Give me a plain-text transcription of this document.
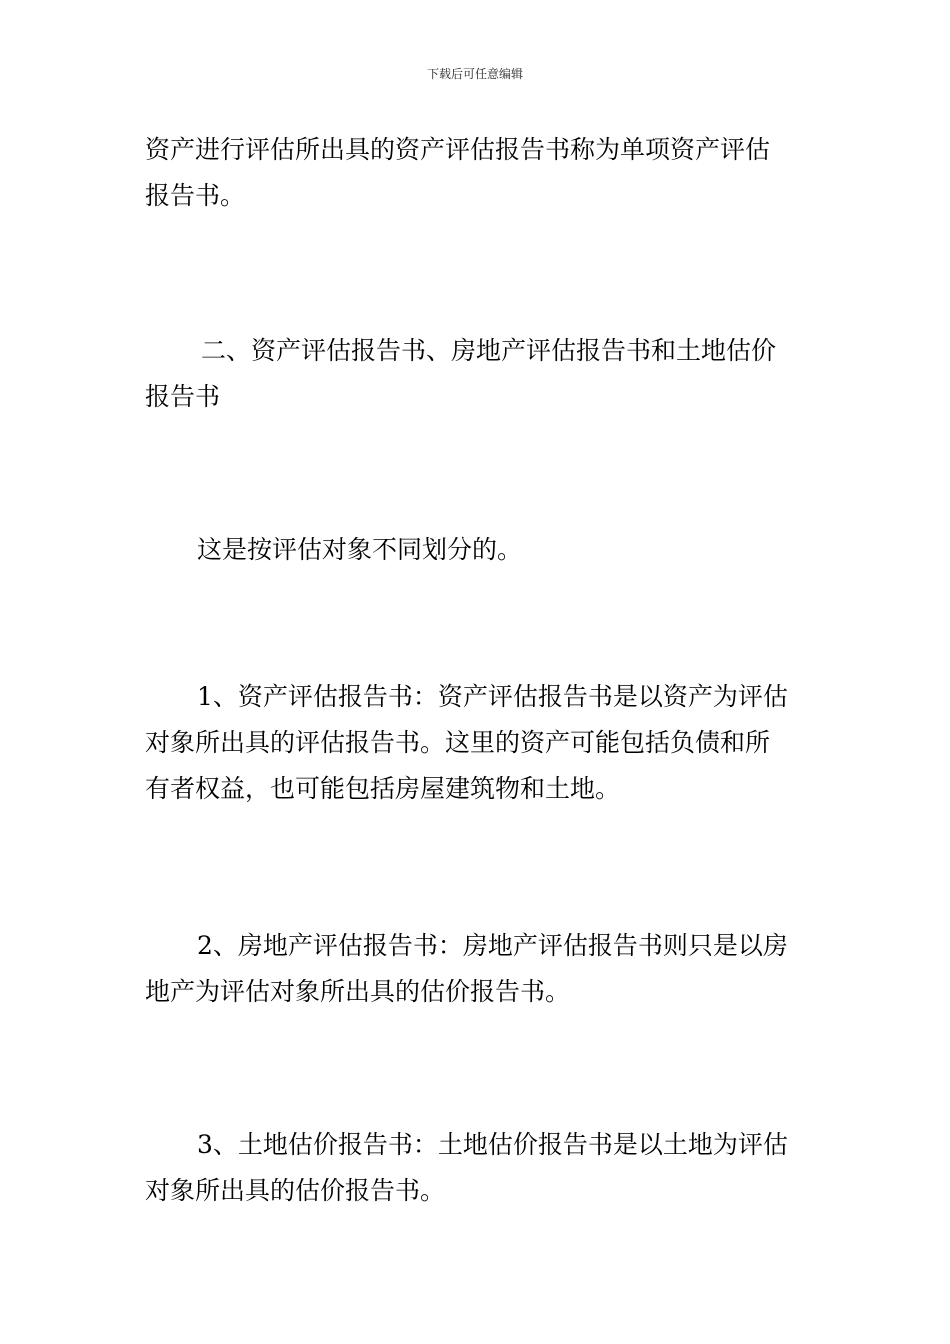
下载后可任意编辑
资产进行评估所出具的资产评估报告书称为单项资产评估
报告书。
二、资产评估报告书、房地产评估报告书和土地估价
报告书
这是按评估对象不同划分的。
1、资产评估报告书：资产评估报告书是以资产为评估
对象所出具的评估报告书。这里的资产可能包括负债和所
有者权益，也可能包括房屋建筑物和土地。
2、房地产评估报告书：房地产评估报告书则只是以房
地产为评估对象所出具的估价报告书。
3、土地估价报告书：土地估价报告书是以土地为评估
对象所出具的估价报告书。
